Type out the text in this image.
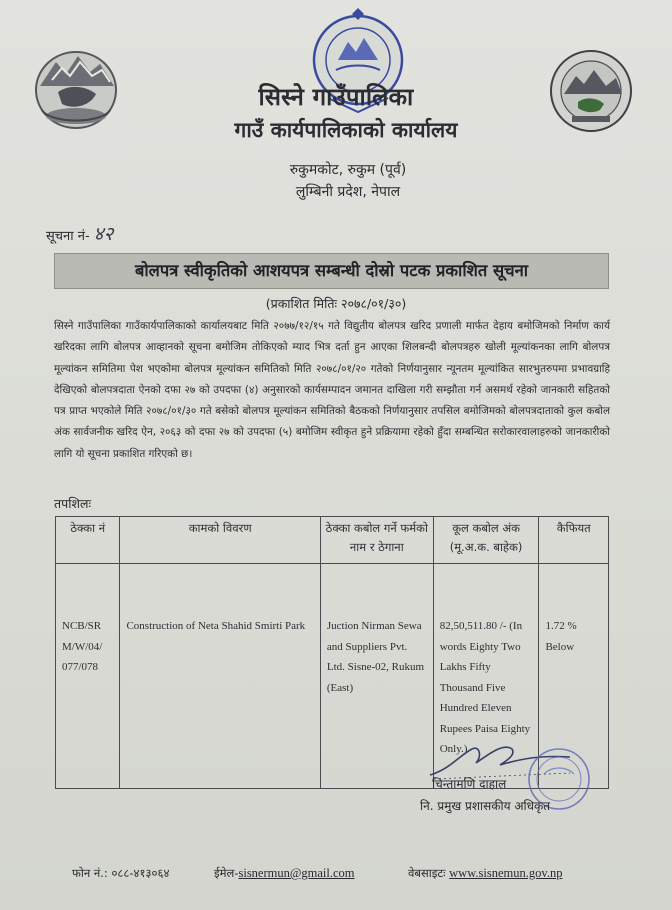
सिस्ने गाउँपालिका
गाउँ कार्यपालिकाको कार्यालय
रुकुमकोट, रुकुम (पूर्व)
लुम्बिनी प्रदेश, नेपाल
सूचना नं- ४२
बोलपत्र स्वीकृतिको आशयपत्र सम्बन्धी दोस्रो पटक प्रकाशित सूचना
(प्रकाशित मितिः २०७८/०१/३०)
सिस्ने गाउँपालिका गाउँकार्यपालिकाको कार्यालयबाट मिति २०७७/१२/१५ गते विद्युतीय बोलपत्र खरिद प्रणाली मार्फत देहाय बमोजिमको निर्माण कार्य खरिदका लागि बोलपत्र आव्हानको सूचना बमोजिम तोकिएको म्याद भित्र दर्ता हुन आएका शिलबन्दी बोलपत्रहरु खोली मूल्यांकनका लागि बोलपत्र मूल्यांकन समितिमा पेश भएकोमा बोलपत्र मूल्यांकन समितिको मिति २०७८/०१/२० गतेको निर्णयानुसार न्यूनतम मूल्यांकित सारभुतरुपमा प्रभावग्राहि देखिएको बोलपत्रदाता ऐनको दफा २७ को उपदफा (४) अनुसारको कार्यसम्पादन जमानत दाखिला गरी सम्झौता गर्न असमर्थ रहेको जानकारी सहितको पत्र प्राप्त भएकोले मिति २०७८/०१/३० गते बसेको बोलपत्र मूल्यांकन समितिको बैठकको निर्णयानुसार तपसिल बमोजिमको बोलपत्रदाताको कुल कबोल अंक सार्वजनीक खरिद ऐन, २०६३ को दफा २७ को उपदफा (५) बमोजिम स्वीकृत हुने प्रक्रियामा रहेको हुँदा सम्बन्धित सरोकारवालाहरुको जानकारीको लागि यो सूचना प्रकाशित गरिएको छ।
तपशिलः
ठेक्का नं	कामको विवरण	ठेक्का कबोल गर्ने फर्मको नाम र ठेगाना	कूल कबोल अंक (मू.अ.क. बाहेक)	कैफियत
NCB/SR M/W/04/ 077/078	Construction of Neta Shahid Smirti Park	Juction Nirman Sewa and Suppliers Pvt. Ltd. Sisne-02, Rukum (East)	82,50,511.80 /- (In words Eighty Two Lakhs Fifty Thousand Five Hundred Eleven Rupees Paisa Eighty Only.)	1.72 % Below
चिन्तामणि दाहाल
नि. प्रमुख प्रशासकीय अधिकृत
फोन नं.: ०८८-४१३०६४	ईमेल-sisnermun@gmail.com	वेबसाइटः www.sisnemun.gov.np
